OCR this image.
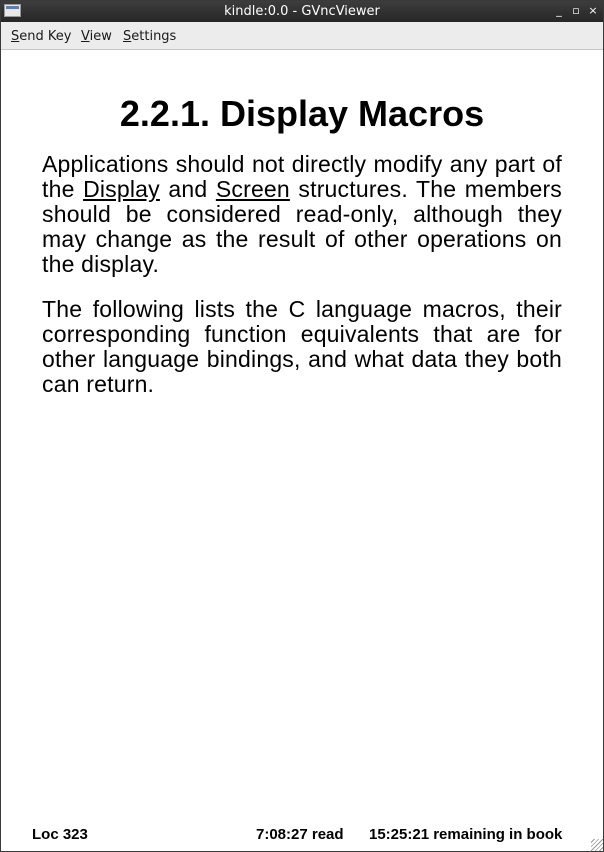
kindle:0.0 - GVncViewer	_ ▫ ×
Send Key View Settings
2.2.1. Display Macros

Applications should not directly modify any part of the Display and Screen structures. The members should be considered read-only, although they may change as the result of other operations on the display.

The following lists the C language macros, their corresponding function equivalents that are for other language bindings, and what data they both can return.

Loc 323	7:08:27 read 15:25:21 remaining in book
